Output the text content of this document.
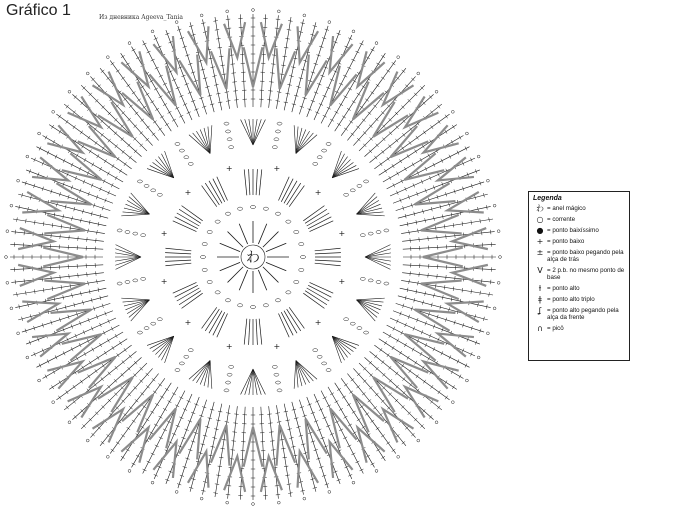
+
+
+
+
+
+
+
+
+	+
+
+
わ
Gráfico 1	Из дневника Ageeva_Tania
Legenda
わ = anel mágico
○ = corrente
● = ponto baixíssimo
+ = ponto baixo
± = ponto baixo pegando pela alça de trás
V = 2 p.b. no mesmo ponto de base
ƚ = ponto alto
ǂ = ponto alto triplo
ʆ = ponto alto pegando pela alça da frente
∩ = picô
